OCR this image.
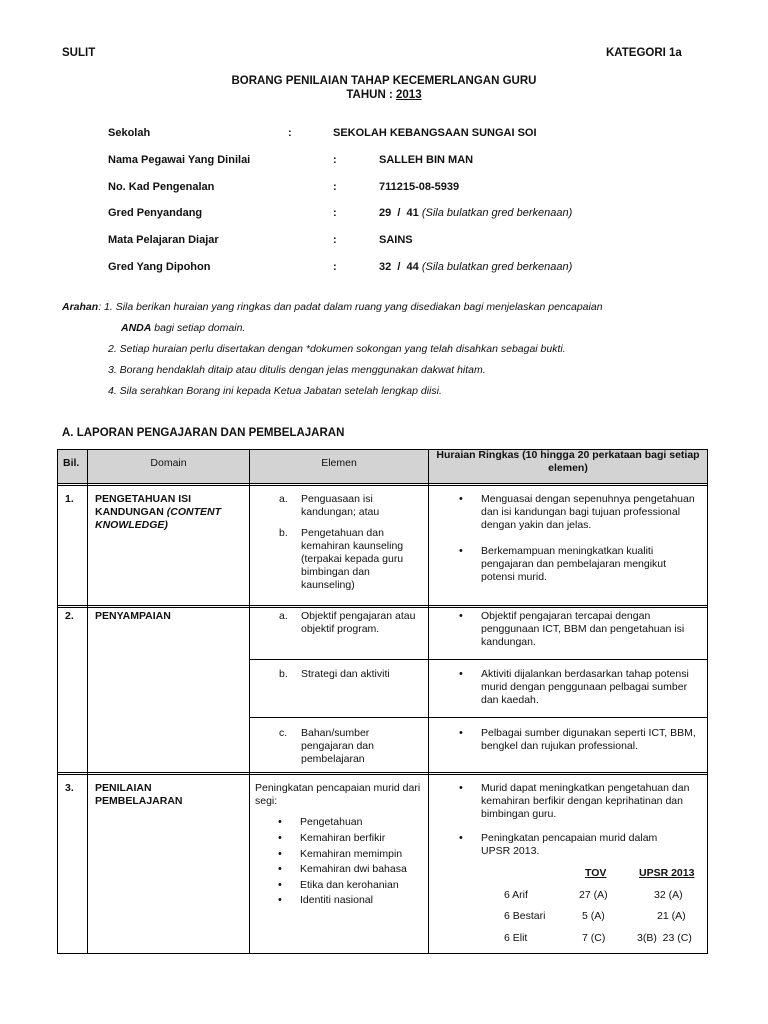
SULIT	KATEGORI 1a
BORANG PENILAIAN TAHAP KECEMERLANGAN GURU
TAHUN : 2013
Sekolah	:	SEKOLAH KEBANGSAAN SUNGAI SOI
Nama Pegawai Yang Dinilai	:	SALLEH BIN MAN
No. Kad Pengenalan	:	711215-08-5939
Gred Penyandang	:	29  /  41 (Sila bulatkan gred berkenaan)
Mata Pelajaran Diajar	:	SAINS
Gred Yang Dipohon	:	32  /  44 (Sila bulatkan gred berkenaan)
Arahan: 1. Sila berikan huraian yang ringkas dan padat dalam ruang yang disediakan bagi menjelaskan pencapaian
ANDA bagi setiap domain.
2. Setiap huraian perlu disertakan dengan *dokumen sokongan yang telah disahkan sebagai bukti.
3. Borang hendaklah ditaip atau ditulis dengan jelas menggunakan dakwat hitam.
4. Sila serahkan Borang ini kepada Ketua Jabatan setelah lengkap diisi.
A. LAPORAN PENGAJARAN DAN PEMBELAJARAN
Bil.	Domain	Elemen
Huraian Ringkas (10 hingga 20 perkataan bagi setiap elemen)
1. PENGETAHUAN ISI KANDUNGAN (CONTENT KNOWLEDGE)
a. Penguasaan isi kandungan; atau
b. Pengetahuan dan kemahiran kaunseling (terpakai kepada guru bimbingan dan kaunseling)
• Menguasai dengan sepenuhnya pengetahuan dan isi kandungan bagi tujuan professional dengan yakin dan jelas.
• Berkemampuan meningkatkan kualiti pengajaran dan pembelajaran mengikut potensi murid.
2. PENYAMPAIAN	a. Objektif pengajaran atau objektif program.
• Objektif pengajaran tercapai dengan penggunaan ICT, BBM dan pengetahuan isi kandungan.
b. Strategi dan aktiviti
•	Aktiviti dijalankan berdasarkan tahap potensi murid dengan penggunaan pelbagai sumber dan kaedah.
c. Bahan/sumber pengajaran dan pembelajaran
• Pelbagai sumber digunakan seperti ICT, BBM, bengkel dan rujukan professional.
3. PENILAIAN PEMBELAJARAN
Peningkatan pencapaian murid dari segi:
• Pengetahuan
• Kemahiran berfikir
• Kemahiran memimpin
• Kemahiran dwi bahasa
• Etika dan kerohanian
• Identiti nasional
• Murid dapat meningkatkan pengetahuan dan kemahiran berfikir dengan keprihatinan dan bimbingan guru.
• Peningkatan pencapaian murid dalam UPSR 2013.
TOV	UPSR 2013
6 Arif	27 (A)	32 (A)
6 Bestari	5 (A)	21 (A)
6 Elit	7 (C)	3(B)  23 (C)
